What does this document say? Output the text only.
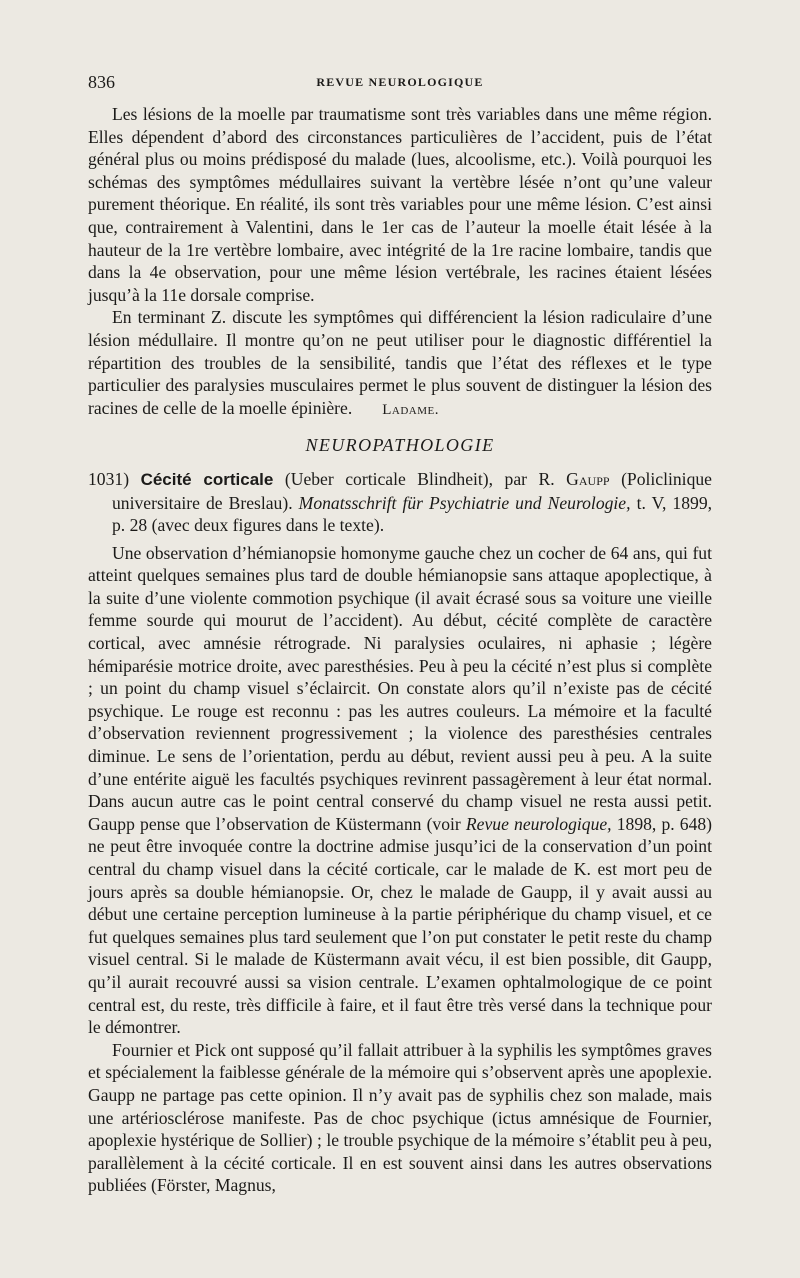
836	REVUE NEUROLOGIQUE

Les lésions de la moelle par traumatisme sont très variables dans une même région. Elles dépendent d’abord des circonstances particulières de l’accident, puis de l’état général plus ou moins prédisposé du malade (lues, alcoolisme, etc.). Voilà pourquoi les schémas des symptômes médullaires suivant la vertèbre lésée n’ont qu’une valeur purement théorique. En réalité, ils sont très variables pour une même lésion. C’est ainsi que, contrairement à Valentini, dans le 1er cas de l’auteur la moelle était lésée à la hauteur de la 1re vertèbre lombaire, avec intégrité de la 1re racine lombaire, tandis que dans la 4e observation, pour une même lésion vertébrale, les racines étaient lésées jusqu’à la 11e dorsale comprise.

En terminant Z. discute les symptômes qui différencient la lésion radiculaire d’une lésion médullaire. Il montre qu’on ne peut utiliser pour le diagnostic différentiel la répartition des troubles de la sensibilité, tandis que l’état des réflexes et le type particulier des paralysies musculaires permet le plus souvent de distinguer la lésion des racines de celle de la moelle épinière. Ladame.

NEUROPATHOLOGIE

1031) Cécité corticale (Ueber corticale Blindheit), par R. Gaupp (Policlinique universitaire de Breslau). Monatsschrift für Psychiatrie und Neurologie, t. V, 1899, p. 28 (avec deux figures dans le texte).

Une observation d’hémianopsie homonyme gauche chez un cocher de 64 ans, qui fut atteint quelques semaines plus tard de double hémianopsie sans attaque apoplectique, à la suite d’une violente commotion psychique (il avait écrasé sous sa voiture une vieille femme sourde qui mourut de l’accident). Au début, cécité complète de caractère cortical, avec amnésie rétrograde. Ni paralysies oculaires, ni aphasie ; légère hémiparésie motrice droite, avec paresthésies. Peu à peu la cécité n’est plus si complète ; un point du champ visuel s’éclaircit. On constate alors qu’il n’existe pas de cécité psychique. Le rouge est reconnu : pas les autres couleurs. La mémoire et la faculté d’observation reviennent progressivement ; la violence des paresthésies centrales diminue. Le sens de l’orientation, perdu au début, revient aussi peu à peu. A la suite d’une entérite aiguë les facultés psychiques revinrent passagèrement à leur état normal. Dans aucun autre cas le point central conservé du champ visuel ne resta aussi petit. Gaupp pense que l’observation de Küstermann (voir Revue neurologique, 1898, p. 648) ne peut être invoquée contre la doctrine admise jusqu’ici de la conservation d’un point central du champ visuel dans la cécité corticale, car le malade de K. est mort peu de jours après sa double hémianopsie. Or, chez le malade de Gaupp, il y avait aussi au début une certaine perception lumineuse à la partie périphérique du champ visuel, et ce fut quelques semaines plus tard seulement que l’on put constater le petit reste du champ visuel central. Si le malade de Küstermann avait vécu, il est bien possible, dit Gaupp, qu’il aurait recouvré aussi sa vision centrale. L’examen ophtalmologique de ce point central est, du reste, très difficile à faire, et il faut être très versé dans la technique pour le démontrer.

Fournier et Pick ont supposé qu’il fallait attribuer à la syphilis les symptômes graves et spécialement la faiblesse générale de la mémoire qui s’observent après une apoplexie. Gaupp ne partage pas cette opinion. Il n’y avait pas de syphilis chez son malade, mais une artériosclérose manifeste. Pas de choc psychique (ictus amnésique de Fournier, apoplexie hystérique de Sollier) ; le trouble psychique de la mémoire s’établit peu à peu, parallèlement à la cécité corticale. Il en est souvent ainsi dans les autres observations publiées (Förster, Magnus,
